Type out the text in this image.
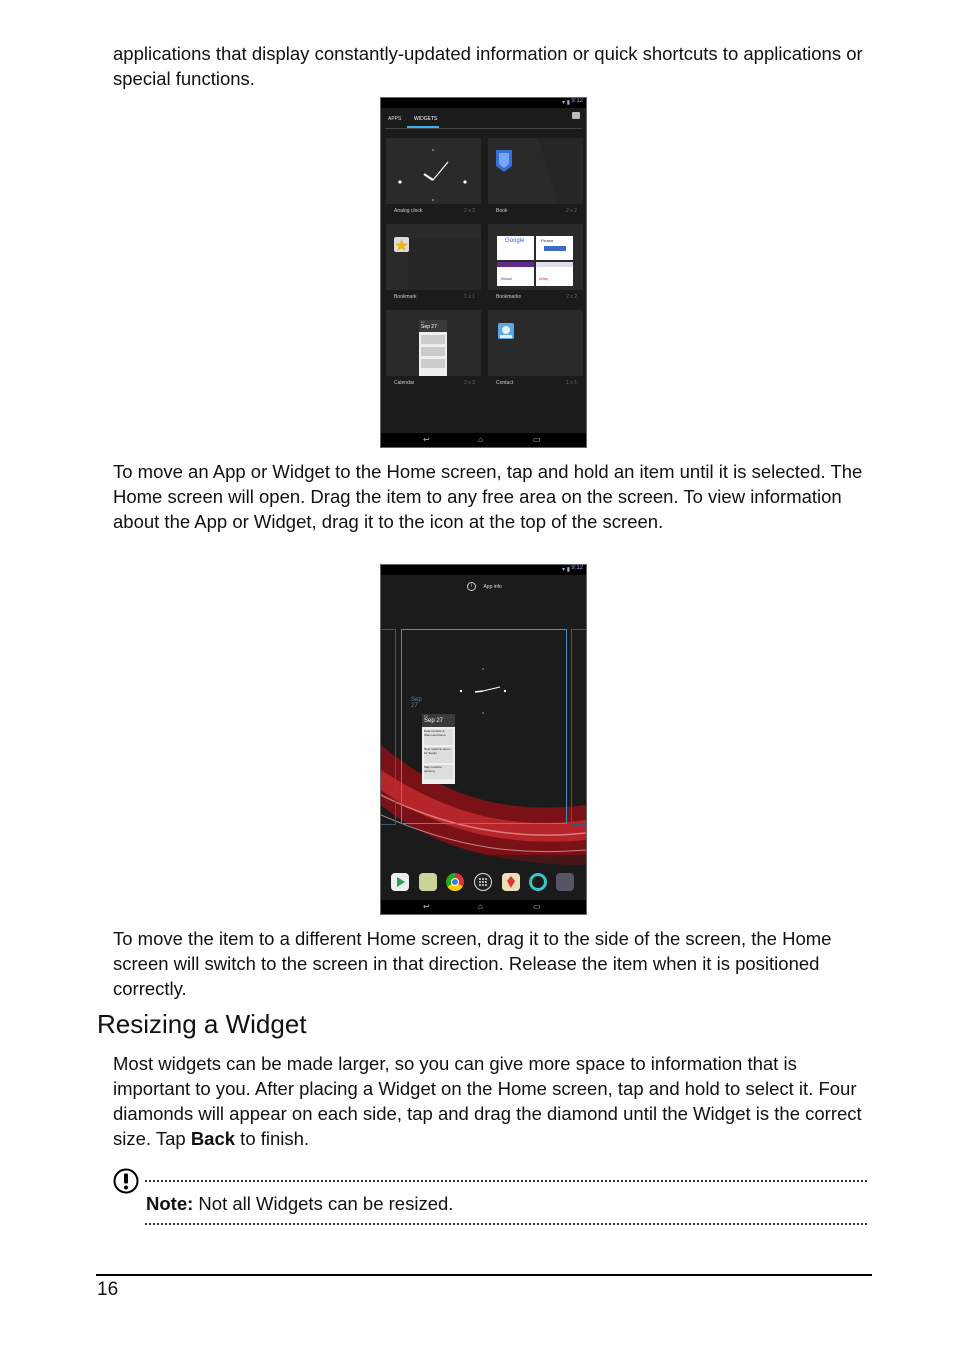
applications that display constantly-updated information or quick shortcuts to applications or special functions.

▾ ▮ 9:12
APPS	WIDGETS
Analog clock	2 x 2	Book	2 x 2
Bookmark	1 x 1
Google	Picasa
Yahoo!	eBay
Bookmarks	2 x 2
Fri
Sep 27
Calendar	3 x 3	Contact	1 x 1
↩	⌂	▭

To move an App or Widget to the Home screen, tap and hold an item until it is selected. The Home screen will open. Drag the item to any free area on the screen. To view information about the App or Widget, drag it to the icon at the top of the screen.

▾ ▮ 9:12
i App info
Sep 27
Fri
Sep 27
Data Centers & Warm-ies Demo
New machine demo for Sergio
Map machine uprising
↩	⌂	▭

To move the item to a different Home screen, drag it to the side of the screen, the Home screen will switch to the screen in that direction. Release the item when it is positioned correctly.

Resizing a Widget

Most widgets can be made larger, so you can give more space to information that is important to you. After placing a Widget on the Home screen, tap and hold to select it. Four diamonds will appear on each side, tap and drag the diamond until the Widget is the correct size. Tap Back to finish.

Note: Not all Widgets can be resized.
16
